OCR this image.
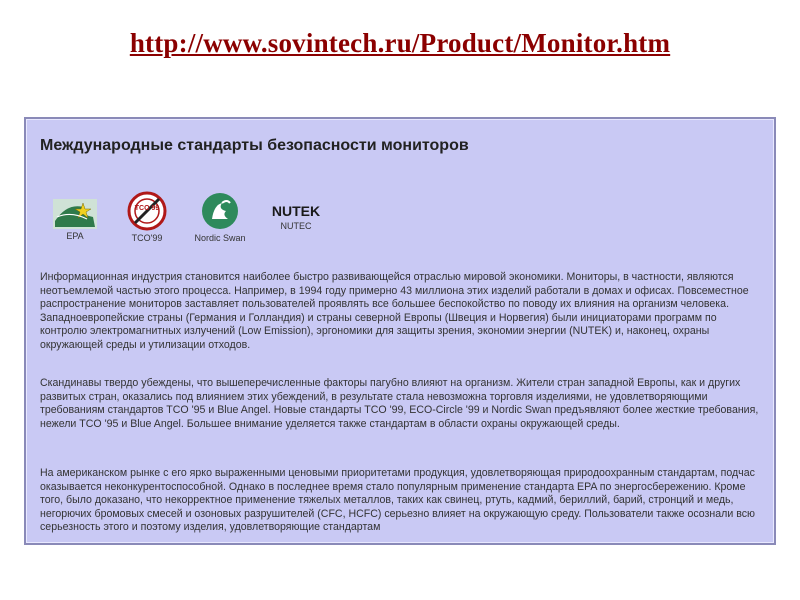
http://www.sovintech.ru/Product/Monitor.htm
Международные стандарты безопасности мониторов
EPA
TCO 99
TCO'99	Nordic Swan
NUTEK
NUTEC

Информационная индустрия становится наиболее быстро развивающейся отраслью мировой экономики. Мониторы, в частности, являются неотъемлемой частью этого процесса. Например, в 1994 году примерно 43 миллиона этих изделий работали в домах и офисах. Повсеместное распространение мониторов заставляет пользователей проявлять все большее беспокойство по поводу их влияния на организм человека. Западноевропейские страны (Германия и Голландия) и страны северной Европы (Швеция и Норвегия) были инициаторами программ по контролю электромагнитных излучений (Low Emission), эргономики для защиты зрения, экономии энергии (NUTEK) и, наконец, охраны окружающей среды и утилизации отходов.

Скандинавы твердо убеждены, что вышеперечисленные факторы пагубно влияют на организм. Жители стран западной Европы, как и других развитых стран, оказались под влиянием этих убеждений, в результате стала невозможна торговля изделиями, не удовлетворяющими требованиям стандартов TCO '95 и Blue Angel. Новые стандарты TCO '99, ECO-Circle '99 и Nordic Swan предъявляют более жесткие требования, нежели TCO '95 и Blue Angel. Большее внимание уделяется также стандартам в области охраны окружающей среды.

На американском рынке с его ярко выраженными ценовыми приоритетами продукция, удовлетворяющая природоохранным стандартам, подчас оказывается неконкурентоспособной. Однако в последнее время стало популярным применение стандарта EPA по энергосбережению. Кроме того, было доказано, что некорректное применение тяжелых металлов, таких как свинец, ртуть, кадмий, бериллий, барий, стронций и медь, негорючих бромовых смесей и озоновых разрушителей (CFC, HCFC) серьезно влияет на окружающую среду. Пользователи также осознали всю серьезность этого и поэтому изделия, удовлетворяющие стандартам
